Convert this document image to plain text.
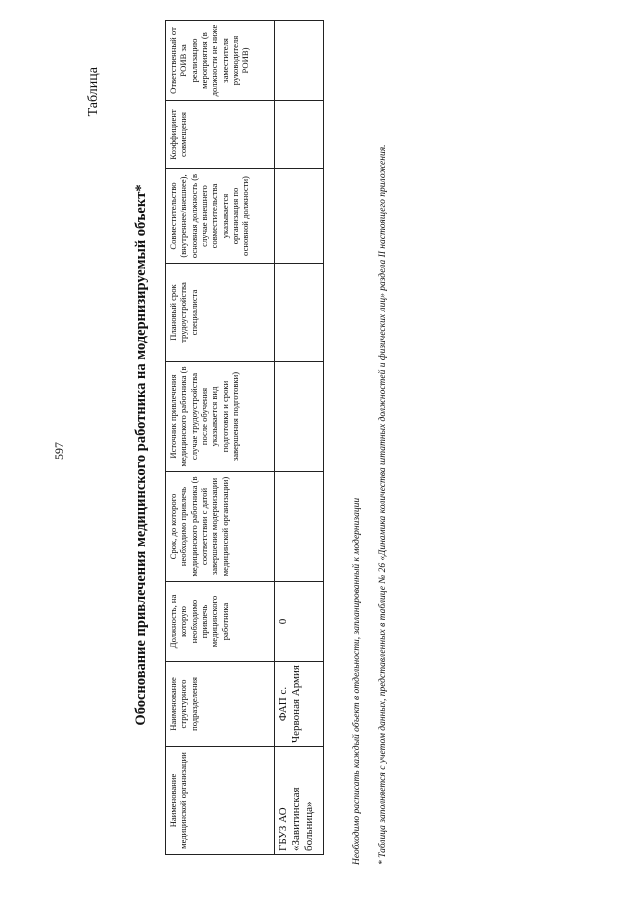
597
Таблица
Обоснование привлечения медицинского работника на модернизируемый объект*
Наименование медицинской организации	Наименование структурного подразделения	Должность, на которую необходимо привлечь медицинского работника	Срок, до которого необходимо привлечь медицинского работника (в соответствии с датой завершения модернизации медицинской организации)	Источник привлечения медицинского работника (в случае трудоустройства после обучения указывается вид подготовки и сроки завершения подготовки)	Плановый срок трудоустройства специалиста	Совместительство (внутреннее/внешнее), основная должность (в случае внешнего совместительства указывается организация по основной должности)	Коэффициент совмещения	Ответственный от РОИВ за реализацию мероприятия (в должности не ниже заместителя руководителя РОИВ)
ГБУЗ АО «Завитинская больница»	ФАП с. Червоная Армия	0							Необходимо расписать каждый объект в отдельности, запланированный к модернизации * Таблица заполняется с учетом данных, представленных в таблице № 26 «Динамика количества штатных должностей и физических лиц» раздела II настоящего приложения.
